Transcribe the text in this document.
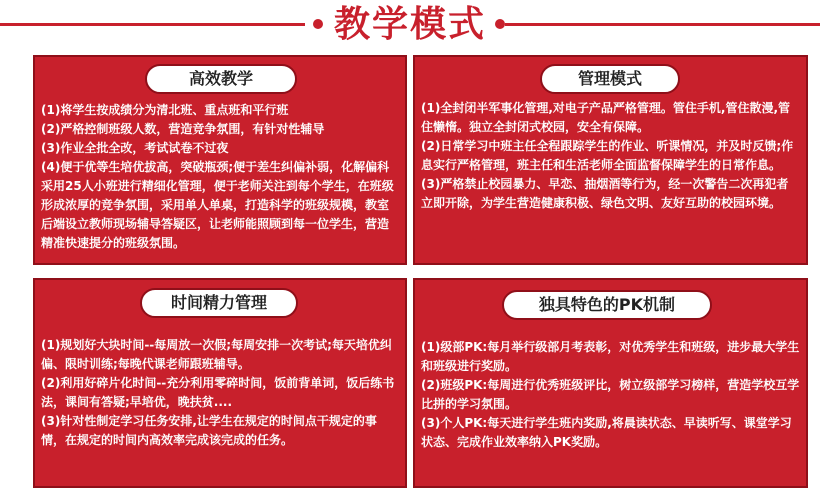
教学模式
高效教学

(1)将学生按成绩分为清北班、重点班和平行班

(2)严格控制班级人数，营造竞争氛围，有针对性辅导

(3)作业全批全改，考试试卷不过夜

(4)便于优等生培优拔高，突破瓶颈;便于差生纠偏补弱，化解偏科采用25人小班进行精细化管理，便于老师关注到每个学生，在班级形成浓厚的竞争氛围，采用单人单桌，打造科学的班级规模，教室后端设立教师现场辅导答疑区，让老师能照顾到每一位学生，营造精准快速提分的班级氛围。

管理模式

(1)全封闭半军事化管理,对电子产品严格管理。管住手机,管住散漫,管住懒惰。独立全封闭式校园，安全有保障。

(2)日常学习中班主任全程跟踪学生的作业、听课情况，并及时反馈;作息实行严格管理，班主任和生活老师全面监督保障学生的日常作息。

(3)严格禁止校园暴力、早恋、抽烟酒等行为，经一次警告二次再犯者立即开除，为学生营造健康积极、绿色文明、友好互助的校园环境。

时间精力管理

(1)规划好大块时间--每周放一次假;每周安排一次考试;每天培优纠偏、限时训练;每晚代课老师跟班辅导。

(2)利用好碎片化时间--充分利用零碎时间，饭前背单词，饭后练书法，课间有答疑;早培优，晚扶贫....

(3)针对性制定学习任务安排,让学生在规定的时间点干规定的事情，在规定的时间内高效率完成该完成的任务。

独具特色的PK机制

(1)级部PK:每月举行级部月考表彰，对优秀学生和班级，进步最大学生和班级进行奖励。

(2)班级PK:每周进行优秀班级评比，树立级部学习榜样，营造学校互学比拼的学习氛围。

(3)个人PK:每天进行学生班内奖励,将晨读状态、早读听写、课堂学习状态、完成作业效率纳入PK奖励。
